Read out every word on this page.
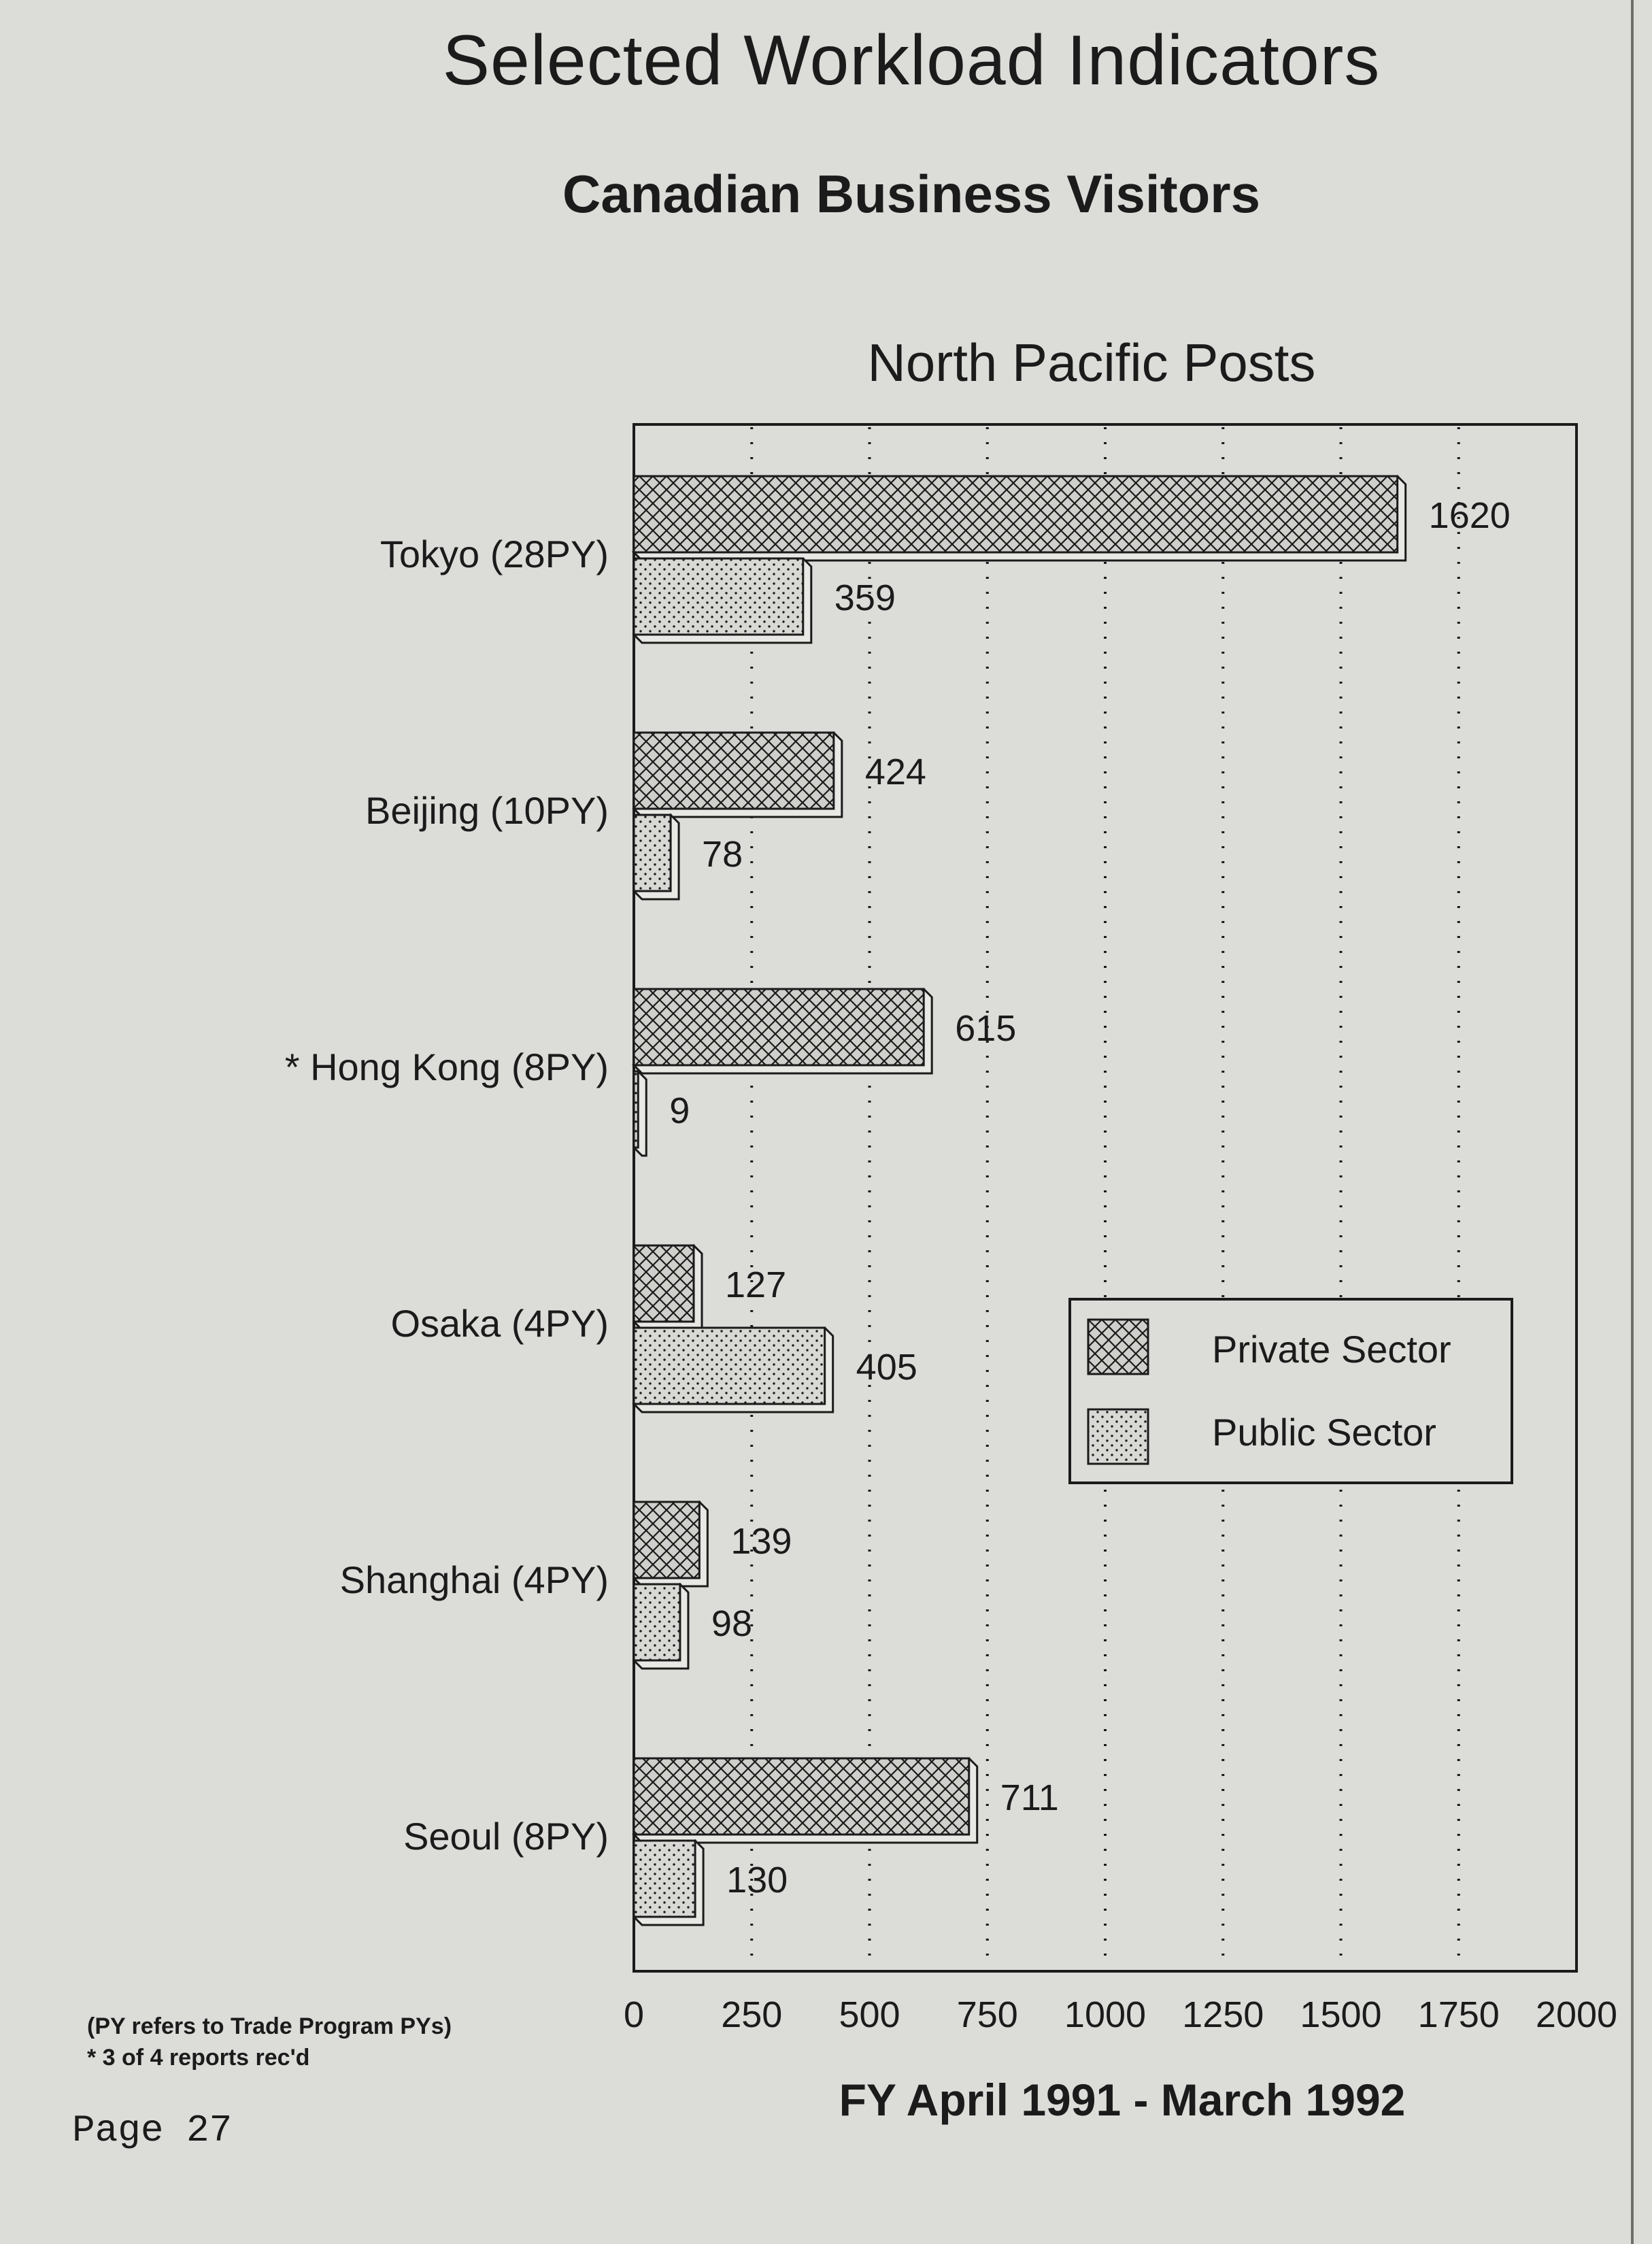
Selected Workload Indicators
Canadian Business Visitors
North Pacific Posts
1620
359
424
78
615
9
127
405
139
98
711
130
Tokyo (28PY)
Beijing (10PY)
* Hong Kong (8PY)
Osaka (4PY)
Shanghai (4PY)
Seoul (8PY)
0 250 500 750 1000 1250 1500 1750 2000
FY April 1991 - March 1992
Private Sector
Public Sector

(PY refers to Trade Program PYs)

* 3 of 4 reports rec'd

Page 27
